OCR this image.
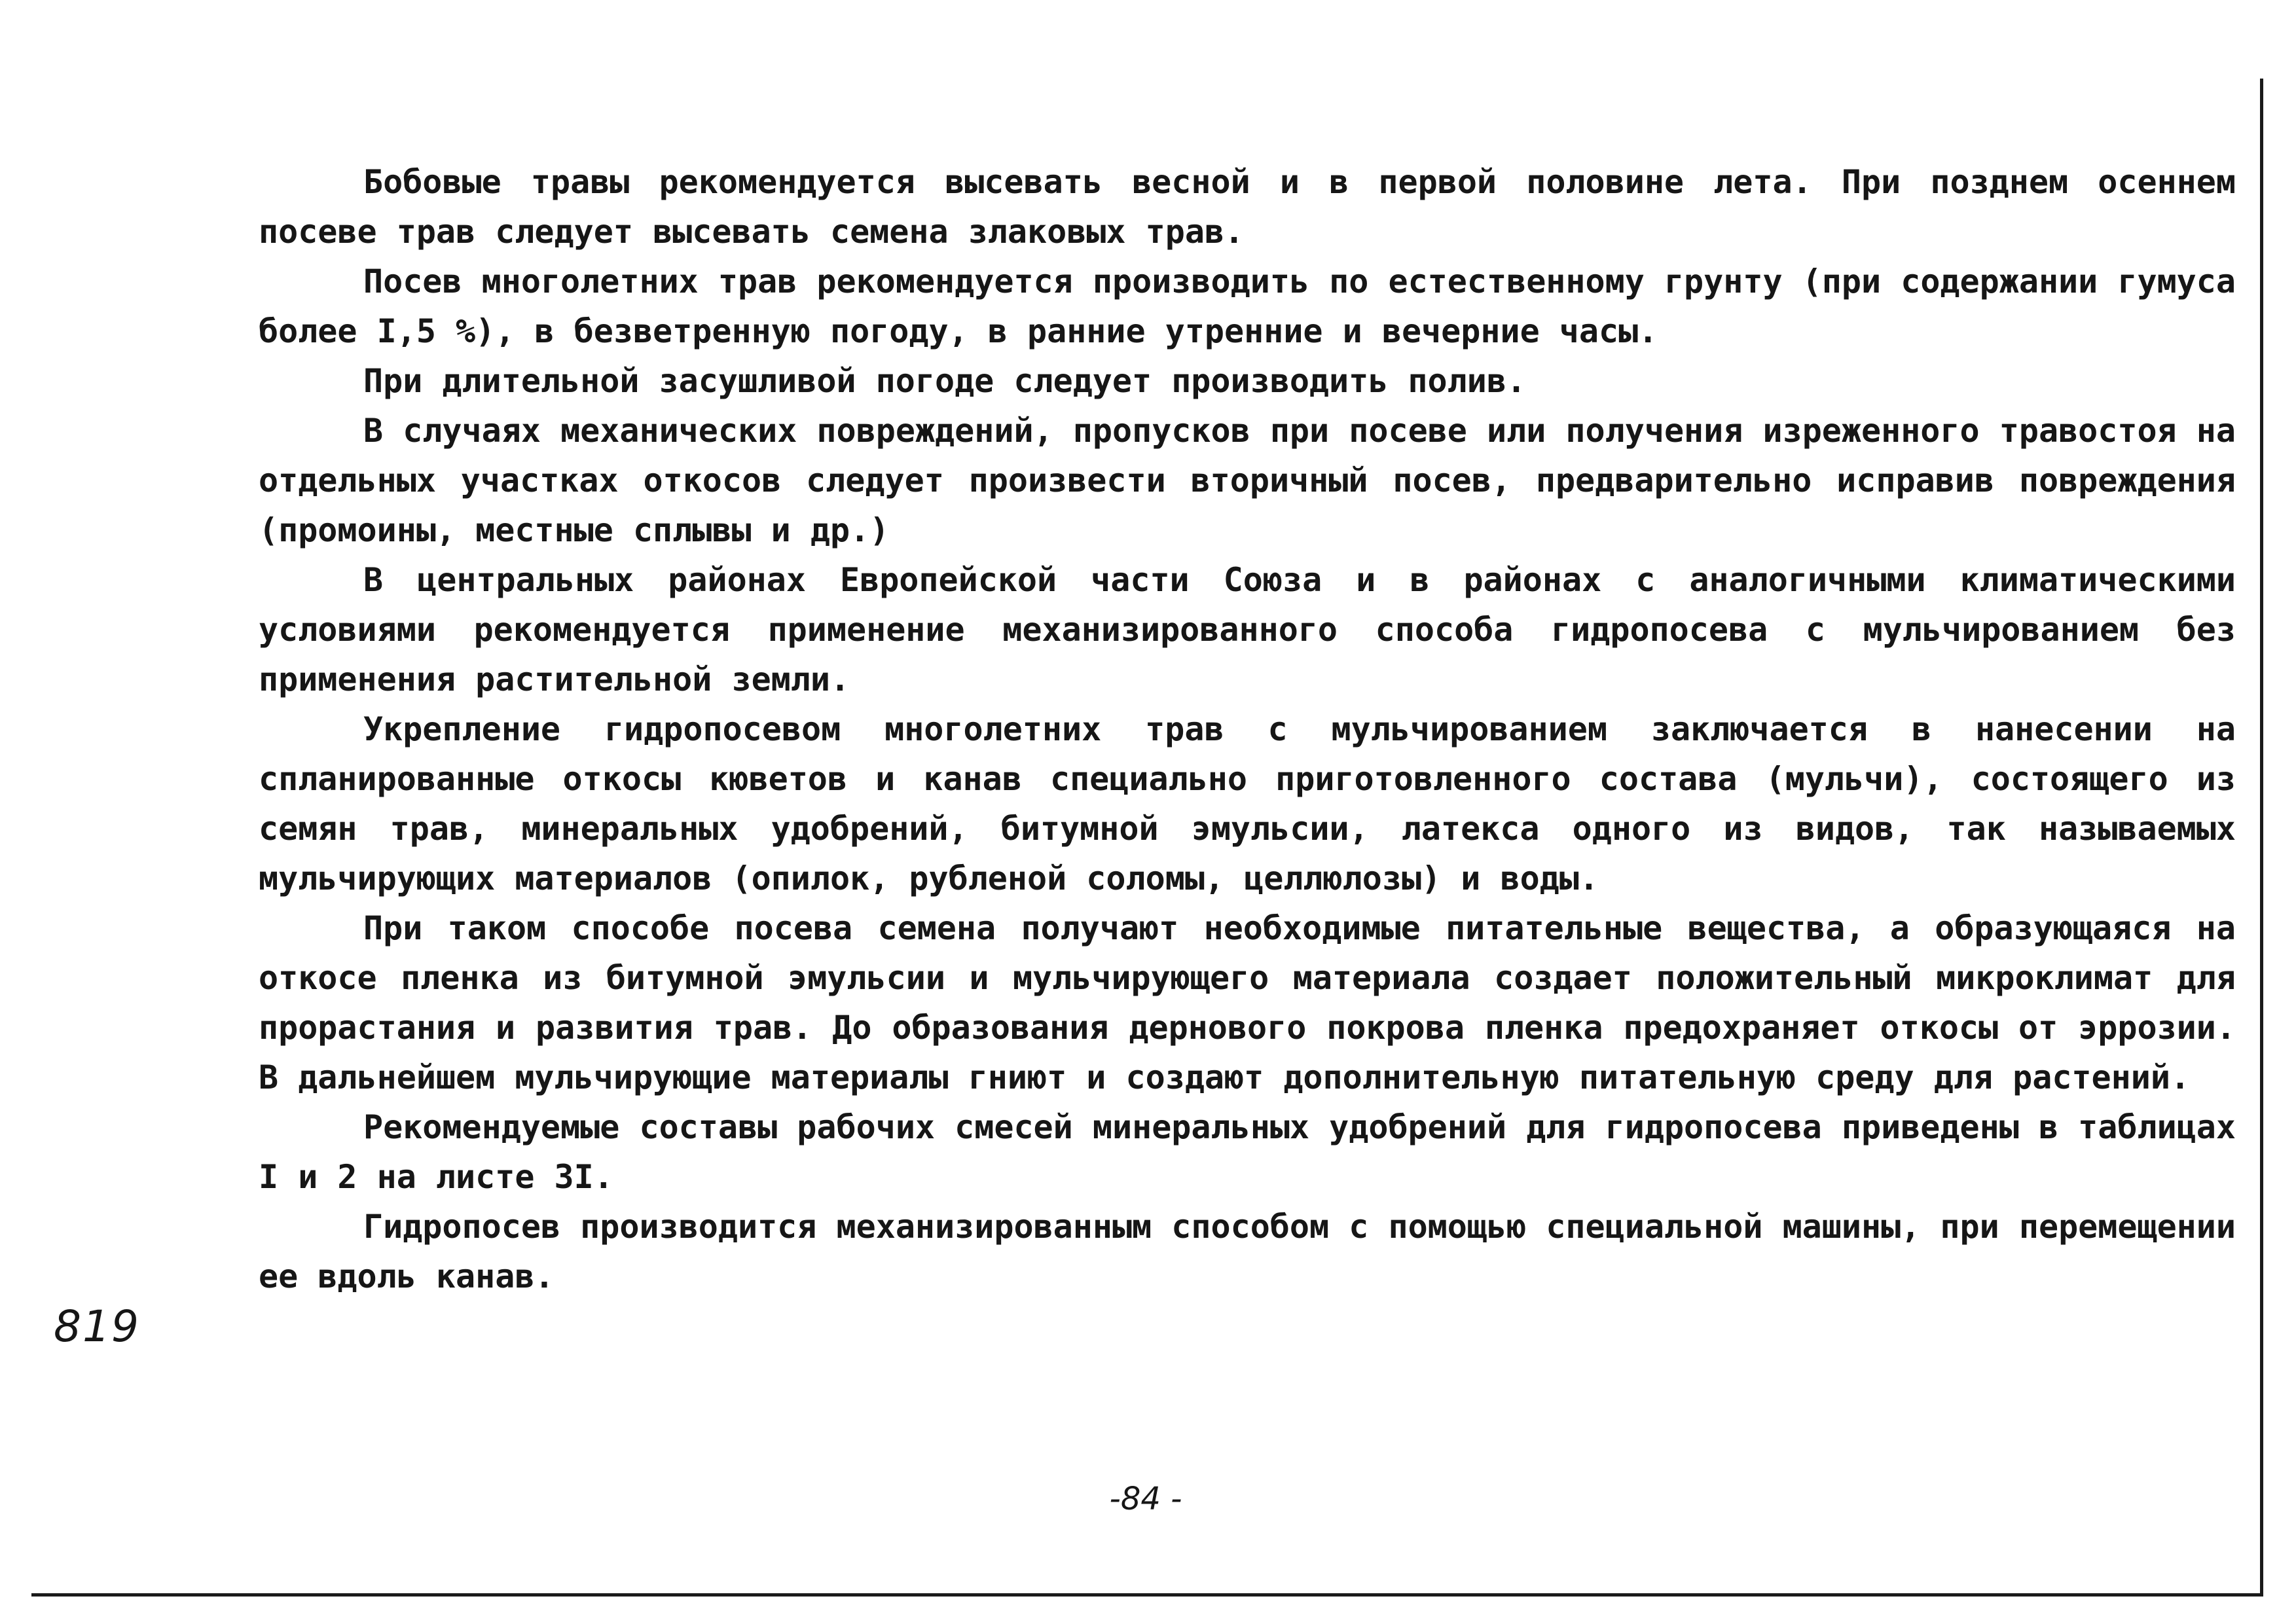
Бобовые травы рекомендуется высевать весной и в первой половине лета. При позднем осеннем посеве трав следует высевать семена злаковых трав.

Посев многолетних трав рекомендуется производить по естественному грунту (при содержании гумуса более I,5 %), в безветренную погоду, в ранние утренние и вечерние часы.

При длительной засушливой погоде следует производить полив.

В случаях механических повреждений, пропусков при посеве или получения изреженного травостоя на отдельных участках откосов следует произвести вторичный посев, предварительно исправив повреждения (промоины, местные сплывы и др.)

В центральных районах Европейской части Союза и в районах с аналогичными климатическими условиями рекомендуется применение механизированного способа гидропосева с мульчированием без применения растительной земли.

Укрепление гидропосевом многолетних трав с мульчированием заключается в нанесении на спланированные откосы кюветов и канав специально приготовленного состава (мульчи), состоящего из семян трав, минеральных удобрений, битумной эмульсии, латекса одного из видов, так называемых мульчирующих материалов (опилок, рубленой соломы, целлюлозы) и воды.

При таком способе посева семена получают необходимые питательные вещества, а образующаяся на откосе пленка из битумной эмульсии и мульчирующего материала создает положительный микроклимат для прорастания и развития трав. До образования дернового покрова пленка предохраняет откосы от эррозии. В дальнейшем мульчирующие материалы гниют и создают дополнительную питательную среду для растений.

Рекомендуемые составы рабочих смесей минеральных удобрений для гидропосева приведены в таблицах I и 2 на листе 3I.

Гидропосев производится механизированным способом с помощью специальной машины, при перемещении ее вдоль канав.

819
-84 -
